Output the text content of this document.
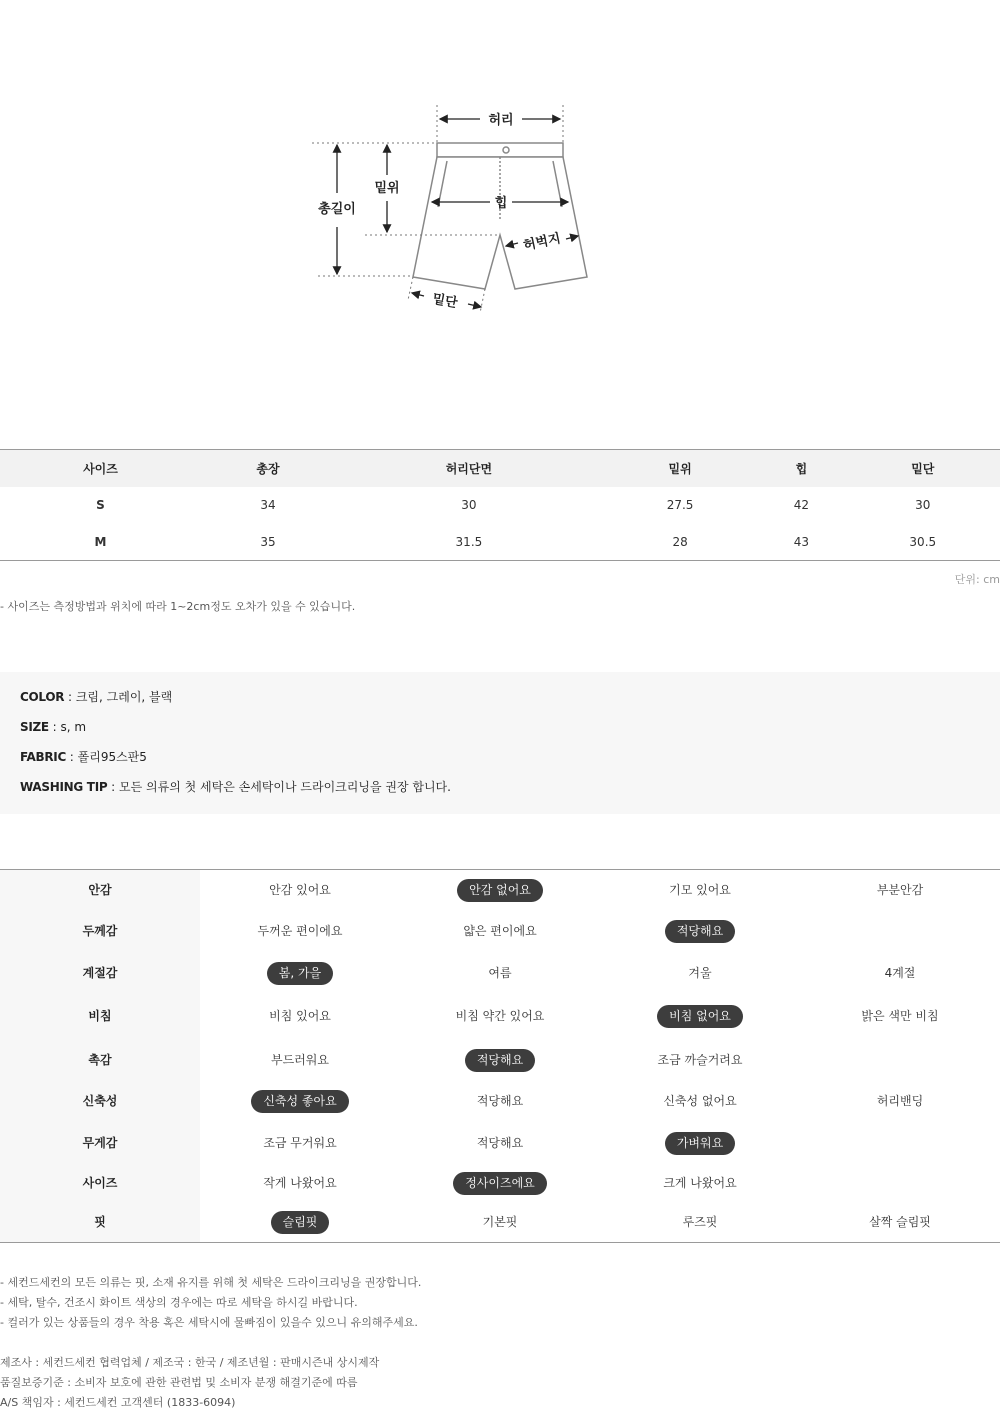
허리
밑위
총길이	힙
허벅지
밑단
사이즈	총장	허리단면	밑위	힙	밑단
S	34	30	27.5	42	30
M	35	31.5	28	43	30.5
단위: cm
- 사이즈는 측정방법과 위치에 따라 1~2cm정도 오차가 있을 수 있습니다.
COLOR : 크림, 그레이, 블랙
SIZE : s, m
FABRIC : 폴리95스판5
WASHING TIP : 모든 의류의 첫 세탁은 손세탁이나 드라이크리닝을 권장 합니다.
안감	안감 있어요	안감 없어요	기모 있어요	부분안감
두께감	두꺼운 편이에요	얇은 편이에요	적당해요	
계절감	봄, 가을	여름	겨울	4계절
비침	비침 있어요	비침 약간 있어요	비침 없어요	밝은 색만 비침
촉감	부드러워요	적당해요	조금 까슬거려요	
신축성	신축성 좋아요	적당해요	신축성 없어요	허리밴딩
무게감	조금 무거워요	적당해요	가벼워요	
사이즈	작게 나왔어요	정사이즈에요	크게 나왔어요	
핏	슬림핏	기본핏	루즈핏	살짝 슬림핏
- 세컨드세컨의 모든 의류는 핏, 소재 유지를 위해 첫 세탁은 드라이크리닝을 권장합니다.
- 세탁, 탈수, 건조시 화이트 색상의 경우에는 따로 세탁을 하시길 바랍니다.
- 컬러가 있는 상품들의 경우 착용 혹은 세탁시에 물빠짐이 있을수 있으니 유의해주세요.
제조사 : 세컨드세컨 협력업체 / 제조국 : 한국 / 제조년월 : 판매시즌내 상시제작
품질보증기준 : 소비자 보호에 관한 관련법 및 소비자 분쟁 해결기준에 따름
A/S 책임자 : 세컨드세컨 고객센터 (1833-6094)
